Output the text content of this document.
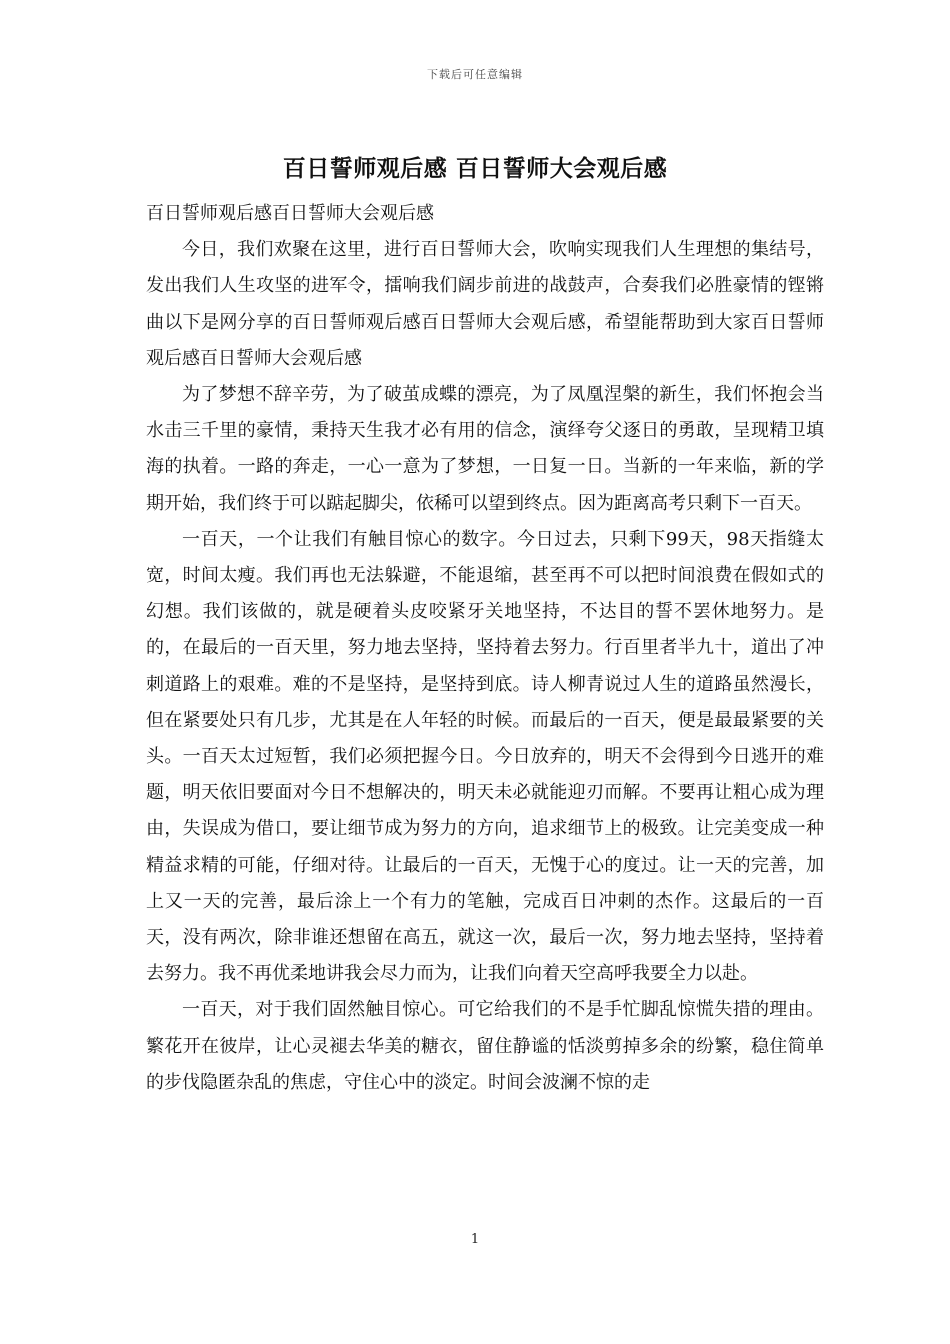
下载后可任意编辑
百日誓师观后感 百日誓师大会观后感

百日誓师观后感百日誓师大会观后感

今日，我们欢聚在这里，进行百日誓师大会，吹响实现我们人生理想的集结号，发出我们人生攻坚的进军令，擂响我们阔步前进的战鼓声，合奏我们必胜豪情的铿锵曲以下是网分享的百日誓师观后感百日誓师大会观后感，希望能帮助到大家百日誓师观后感百日誓师大会观后感

为了梦想不辞辛劳，为了破茧成蝶的漂亮，为了凤凰涅槃的新生，我们怀抱会当水击三千里的豪情，秉持天生我才必有用的信念，演绎夸父逐日的勇敢，呈现精卫填海的执着。一路的奔走，一心一意为了梦想，一日复一日。当新的一年来临，新的学期开始，我们终于可以踮起脚尖，依稀可以望到终点。因为距离高考只剩下一百天。

一百天，一个让我们有触目惊心的数字。今日过去，只剩下99天，98天指缝太宽，时间太瘦。我们再也无法躲避，不能退缩，甚至再不可以把时间浪费在假如式的幻想。我们该做的，就是硬着头皮咬紧牙关地坚持，不达目的誓不罢休地努力。是的，在最后的一百天里，努力地去坚持，坚持着去努力。行百里者半九十，道出了冲刺道路上的艰难。难的不是坚持，是坚持到底。诗人柳青说过人生的道路虽然漫长，但在紧要处只有几步，尤其是在人年轻的时候。而最后的一百天，便是最最紧要的关头。一百天太过短暂，我们必须把握今日。今日放弃的，明天不会得到今日逃开的难题，明天依旧要面对今日不想解决的，明天未必就能迎刃而解。不要再让粗心成为理由，失误成为借口，要让细节成为努力的方向，追求细节上的极致。让完美变成一种精益求精的可能，仔细对待。让最后的一百天，无愧于心的度过。让一天的完善，加上又一天的完善，最后涂上一个有力的笔触，完成百日冲刺的杰作。这最后的一百天，没有两次，除非谁还想留在高五，就这一次，最后一次，努力地去坚持，坚持着去努力。我不再优柔地讲我会尽力而为，让我们向着天空高呼我要全力以赴。

一百天，对于我们固然触目惊心。可它给我们的不是手忙脚乱惊慌失措的理由。繁花开在彼岸，让心灵褪去华美的糖衣，留住静谧的恬淡剪掉多余的纷繁，稳住简单的步伐隐匿杂乱的焦虑，守住心中的淡定。时间会波澜不惊的走

1
